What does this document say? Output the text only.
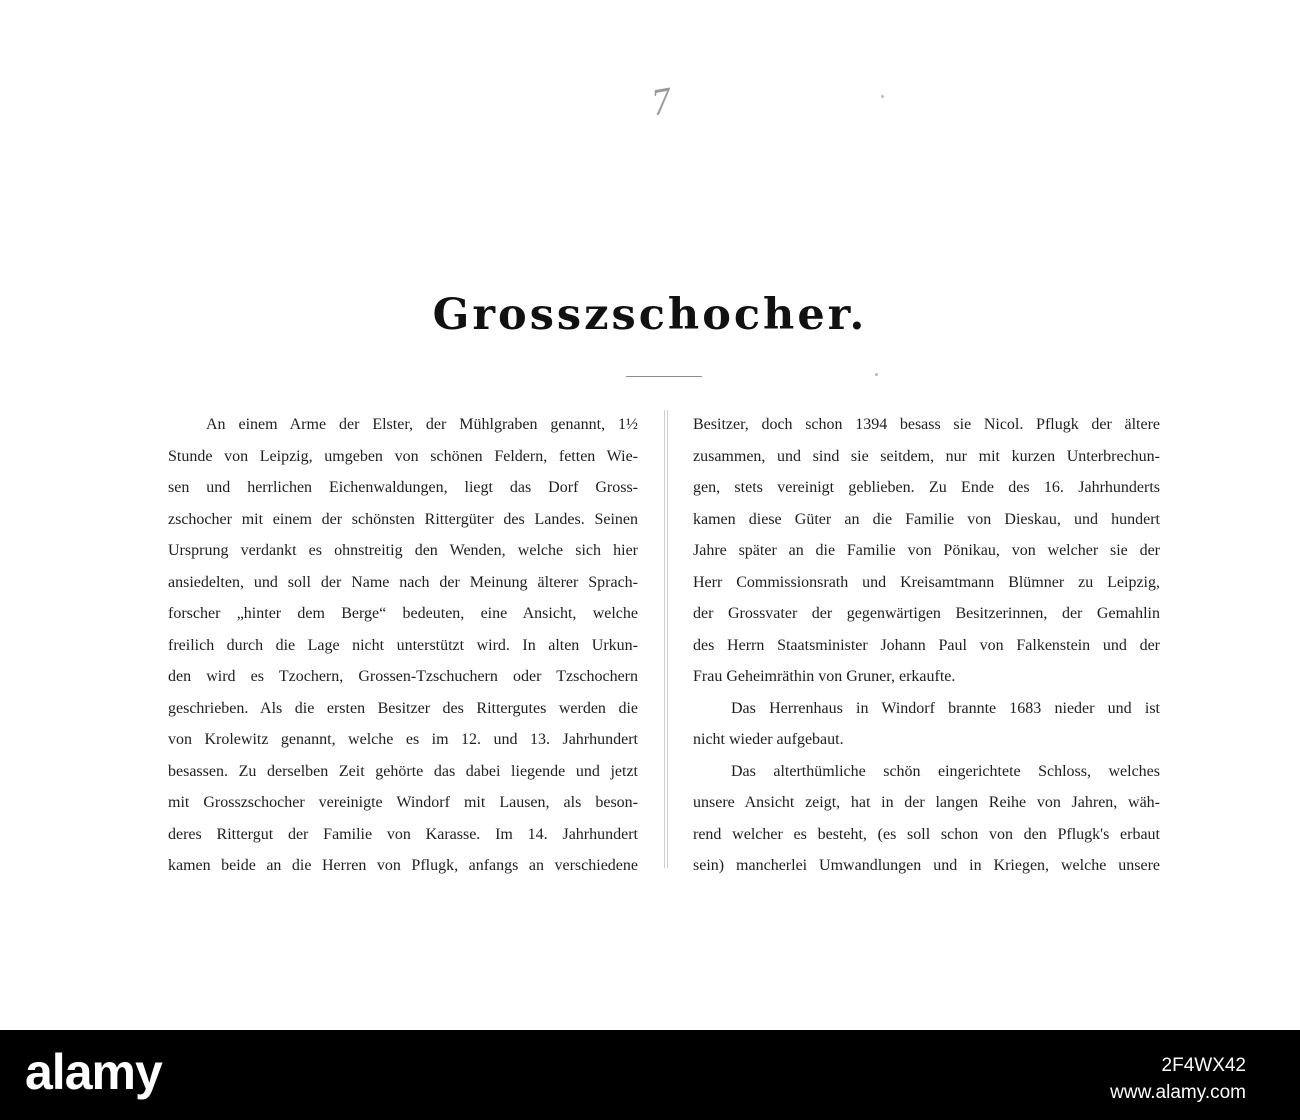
7
Grosszschocher.
An einem Arme der Elster, der Mühlgraben genannt, 1½
Stunde von Leipzig, umgeben von schönen Feldern, fetten Wie-
sen und herrlichen Eichenwaldungen, liegt das Dorf Gross-
zschocher mit einem der schönsten Rittergüter des Landes. Seinen
Ursprung verdankt es ohnstreitig den Wenden, welche sich hier
ansiedelten, und soll der Name nach der Meinung älterer Sprach-
forscher „hinter dem Berge“ bedeuten, eine Ansicht, welche
freilich durch die Lage nicht unterstützt wird. In alten Urkun-
den wird es Tzochern, Grossen-Tzschuchern oder Tzschochern
geschrieben. Als die ersten Besitzer des Rittergutes werden die
von Krolewitz genannt, welche es im 12. und 13. Jahrhundert
besassen. Zu derselben Zeit gehörte das dabei liegende und jetzt
mit Grosszschocher vereinigte Windorf mit Lausen, als beson-
deres Rittergut der Familie von Karasse. Im 14. Jahrhundert
kamen beide an die Herren von Pflugk, anfangs an verschiedene
Besitzer, doch schon 1394 besass sie Nicol. Pflugk der ältere
zusammen, und sind sie seitdem, nur mit kurzen Unterbrechun-
gen, stets vereinigt geblieben. Zu Ende des 16. Jahrhunderts
kamen diese Güter an die Familie von Dieskau, und hundert
Jahre später an die Familie von Pönikau, von welcher sie der
Herr Commissionsrath und Kreisamtmann Blümner zu Leipzig,
der Grossvater der gegenwärtigen Besitzerinnen, der Gemahlin
des Herrn Staatsminister Johann Paul von Falkenstein und der
Frau Geheimräthin von Gruner, erkaufte.
Das Herrenhaus in Windorf brannte 1683 nieder und ist
nicht wieder aufgebaut.
Das alterthümliche schön eingerichtete Schloss, welches
unsere Ansicht zeigt, hat in der langen Reihe von Jahren, wäh-
rend welcher es besteht, (es soll schon von den Pflugk's erbaut
sein) mancherlei Umwandlungen und in Kriegen, welche unsere
alamy	2F4WX42
www.alamy.com
